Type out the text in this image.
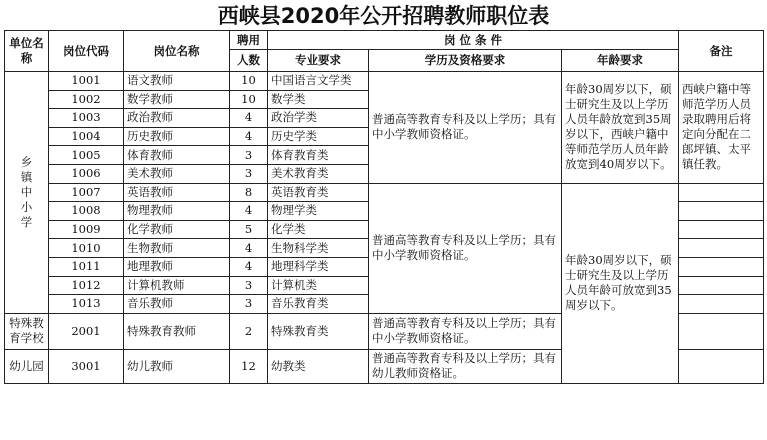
西峡县2020年公开招聘教师职位表
单位名称	岗位代码	岗位名称	聘用	岗 位 条 件			备注
			人数	专业要求	学历及资格要求	年龄要求	

乡
镇
中
小
学	1001	语文教师	10	中国语言文学类	普通高等教育专科及以上学历；具有中小学教师资格证。	年龄30周岁以下，硕士研究生及以上学历人员年龄放宽到35周岁以下，西峡户籍中等师范学历人员年龄放宽到40周岁以下。	西峡户籍中等师范学历人员录取聘用后将定向分配在二郎坪镇、太平镇任教。
	1002	数学教师	10	数学类			
	1003	政治教师	4	政治学类			
	1004	历史教师	4	历史学类			
	1005	体育教师	3	体育教育类			
	1006	美术教师	3	美术教育类			
	1007	英语教师	8	英语教育类	普通高等教育专科及以上学历；具有中小学教师资格证。	年龄30周岁以下，硕士研究生及以上学历人员年龄可放宽到35周岁以下。	
	1008	物理教师	4	物理学类			
	1009	化学教师	5	化学类			
	1010	生物教师	4	生物科学类			
	1011	地理教师	4	地理科学类			
	1012	计算机教师	3	计算机类			
	1013	音乐教师	3	音乐教育类			
特殊教育学校	2001	特殊教育教师	2	特殊教育类	普通高等教育专科及以上学历；具有中小学教师资格证。		
幼儿园	3001	幼儿教师	12	幼教类	普通高等教育专科及以上学历；具有幼儿教师资格证。		
